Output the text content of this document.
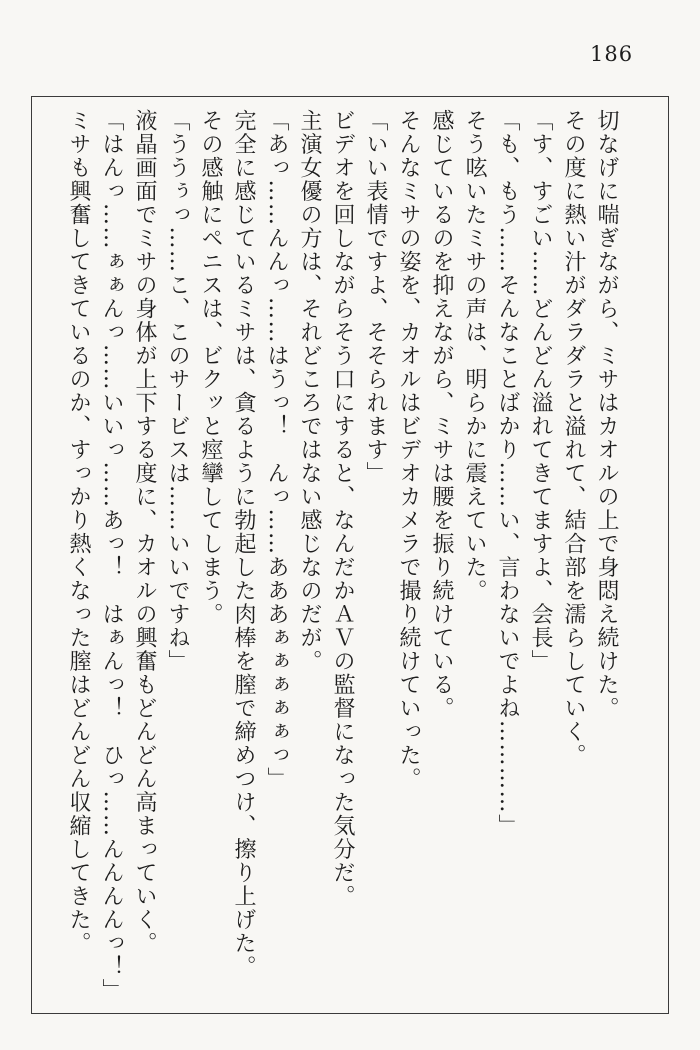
186

切なげに喘ぎながら、ミサはカオルの上で身悶え続けた。

その度に熱い汁がダラダラと溢れて、結合部を濡らしていく。

「す、すごい……どんどん溢れてきてますよ、会長」

「も、もう……そんなことばかり……い、言わないでよね…………」

そう呟いたミサの声は、明らかに震えていた。

感じているのを抑えながら、ミサは腰を振り続けている。

そんなミサの姿を、カオルはビデオカメラで撮り続けていった。

「いい表情ですよ、そそられます」

ビデオを回しながらそう口にすると、なんだかＡＶの監督になった気分だ。

主演女優の方は、それどころではない感じなのだが。

「あっ……んんっ……はうっ！　んっ……あああぁぁぁぁぁっ」

完全に感じているミサは、貪るように勃起した肉棒を膣で締めつけ、擦り上げた。

その感触にペニスは、ビクッと痙攣してしまう。

「ううぅっ……こ、このサービスは……いいですね」

液晶画面でミサの身体が上下する度に、カオルの興奮もどんどん高まっていく。

「はんっ……ぁぁんっ……いいっ……あっ！　はぁんっ！　ひっ……んんんんっ！」

ミサも興奮してきているのか、すっかり熱くなった膣はどんどん収縮してきた。
